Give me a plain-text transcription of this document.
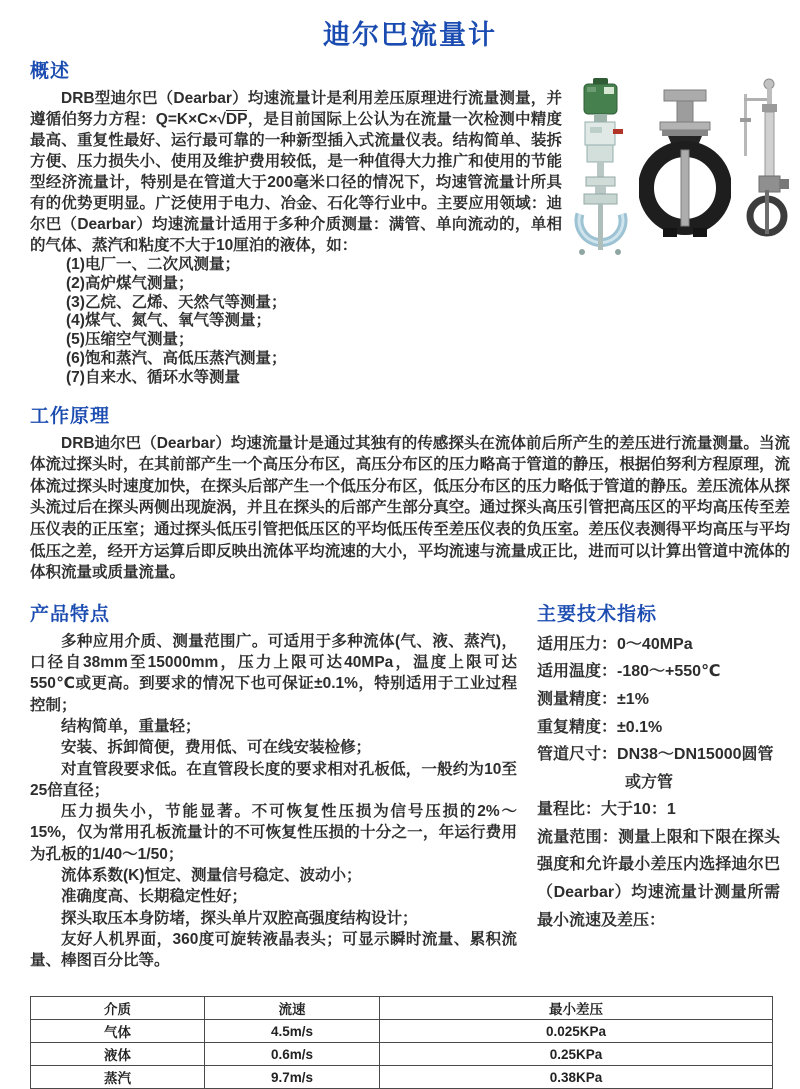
迪尔巴流量计
概述

DRB型迪尔巴（Dearbar）均速流量计是利用差压原理进行流量测量，并遵循伯努力方程：Q=K×C×√DP，是目前国际上公认为在流量一次检测中精度最高、重复性最好、运行最可靠的一种新型插入式流量仪表。结构简单、装拆方便、压力损失小、使用及维护费用较低，是一种值得大力推广和使用的节能型经济流量计，特别是在管道大于200毫米口径的情况下，均速管流量计所具有的优势更明显。广泛使用于电力、冶金、石化等行业中。主要应用领域：迪尔巴（Dearbar）均速流量计适用于多种介质测量：满管、单向流动的，单相的气体、蒸汽和粘度不大于10厘泊的液体，如：

(1)电厂一、二次风测量；
(2)高炉煤气测量；
(3)乙烷、乙烯、天然气等测量；
(4)煤气、氮气、氧气等测量；
(5)压缩空气测量；
(6)饱和蒸汽、高低压蒸汽测量；
(7)自来水、循环水等测量
工作原理

DRB迪尔巴（Dearbar）均速流量计是通过其独有的传感探头在流体前后所产生的差压进行流量测量。当流体流过探头时，在其前部产生一个高压分布区，高压分布区的压力略高于管道的静压，根据伯努利方程原理，流体流过探头时速度加快，在探头后部产生一个低压分布区，低压分布区的压力略低于管道的静压。差压流体从探头流过后在探头两侧出现旋涡，并且在探头的后部产生部分真空。通过探头高压引管把高压区的平均高压传至差压仪表的正压室；通过探头低压引管把低压区的平均低压传至差压仪表的负压室。差压仪表测得平均高压与平均低压之差，经开方运算后即反映出流体平均流速的大小，平均流速与流量成正比，进而可以计算出管道中流体的体积流量或质量流量。

产品特点

多种应用介质、测量范围广。可适用于多种流体(气、液、蒸汽)，口径自38mm至15000mm，压力上限可达40MPa，温度上限可达550℃或更高。到要求的情况下也可保证±0.1%，特别适用于工业过程控制；

结构简单，重量轻；

安装、拆卸简便，费用低、可在线安装检修；

对直管段要求低。在直管段长度的要求相对孔板低，一般约为10至25倍直径；

压力损失小，节能显著。不可恢复性压损为信号压损的2%～15%，仅为常用孔板流量计的不可恢复性压损的十分之一，年运行费用为孔板的1/40～1/50；

流体系数(K)恒定、测量信号稳定、波动小；

准确度高、长期稳定性好；

探头取压本身防堵，探头单片双腔高强度结构设计；

友好人机界面，360度可旋转液晶表头；可显示瞬时流量、累积流量、棒图百分比等。

主要技术指标
适用压力：0～40MPa
适用温度：-180～+550℃
测量精度：±1%
重复精度：±0.1%
管道尺寸：DN38～DN15000圆管
或方管
量程比：大于10：1
流量范围：测量上限和下限在探头强度和允许最小差压内选择迪尔巴（Dearbar）均速流量计测量所需最小流速及差压：
介质	流速	最小差压
气体	4.5m/s	0.025KPa
液体	0.6m/s	0.25KPa
蒸汽	9.7m/s	0.38KPa
